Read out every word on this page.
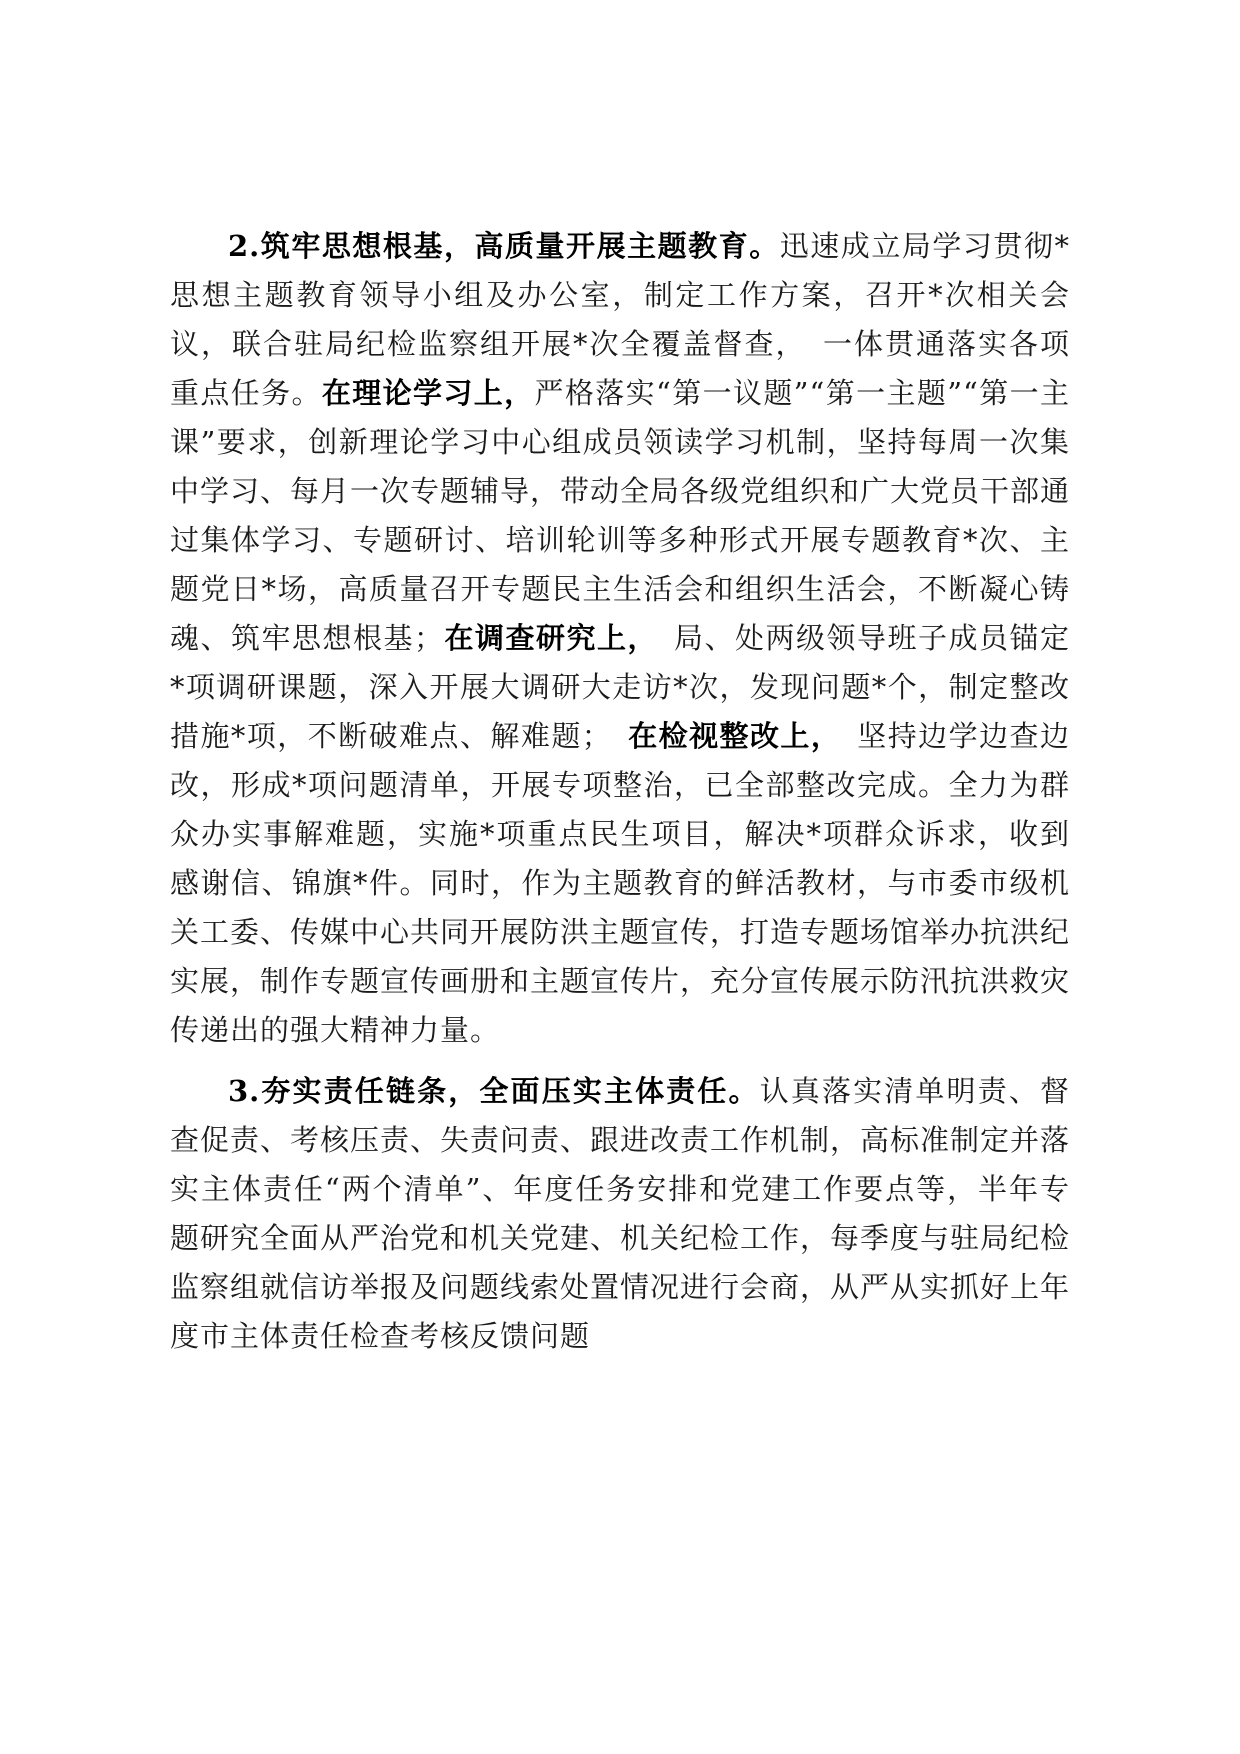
2.筑牢思想根基，高质量开展主题教育。迅速成立局学习贯彻*思想主题教育领导小组及办公室，制定工作方案，召开*次相关会议，联合驻局纪检监察组开展*次全覆盖督查，　一体贯通落实各项重点任务。在理论学习上，严格落实“第一议题”“第一主题”“第一主课”要求，创新理论学习中心组成员领读学习机制，坚持每周一次集中学习、每月一次专题辅导，带动全局各级党组织和广大党员干部通过集体学习、专题研讨、培训轮训等多种形式开展专题教育*次、主题党日*场，高质量召开专题民主生活会和组织生活会，不断凝心铸魂、筑牢思想根基；在调查研究上，　局、处两级领导班子成员锚定*项调研课题，深入开展大调研大走访*次，发现问题*个，制定整改措施*项，不断破难点、解难题；　在检视整改上，　坚持边学边查边改，形成*项问题清单，开展专项整治，已全部整改完成。全力为群众办实事解难题，实施*项重点民生项目，解决*项群众诉求，收到感谢信、锦旗*件。同时，作为主题教育的鲜活教材，与市委市级机关工委、传媒中心共同开展防洪主题宣传，打造专题场馆举办抗洪纪实展，制作专题宣传画册和主题宣传片，充分宣传展示防汛抗洪救灾传递出的强大精神力量。

3.夯实责任链条，全面压实主体责任。认真落实清单明责、督查促责、考核压责、失责问责、跟进改责工作机制，高标准制定并落实主体责任“两个清单”、年度任务安排和党建工作要点等，半年专题研究全面从严治党和机关党建、机关纪检工作，每季度与驻局纪检监察组就信访举报及问题线索处置情况进行会商，从严从实抓好上年度市主体责任检查考核反馈问题
